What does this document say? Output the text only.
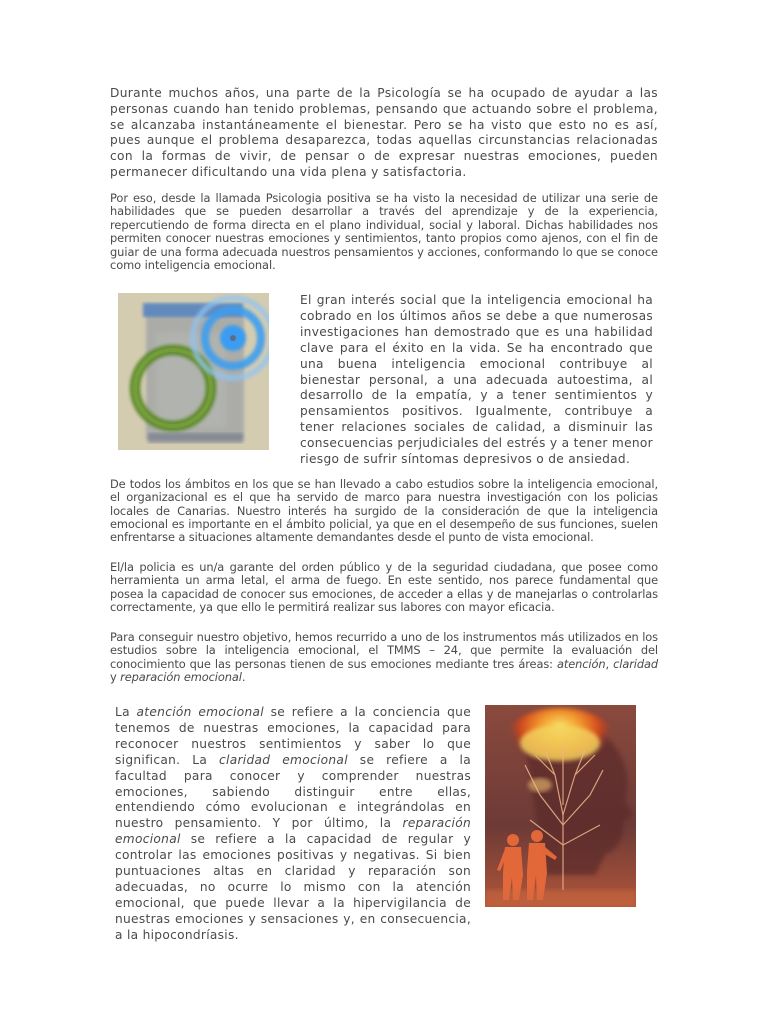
Durante muchos años, una parte de la Psicología se ha ocupado de ayudar a las personas cuando han tenido problemas, pensando que actuando sobre el problema, se alcanzaba instantáneamente el bienestar. Pero se ha visto que esto no es así, pues aunque el problema desaparezca, todas aquellas circunstancias relacionadas con la formas de vivir, de pensar o de expresar nuestras emociones, pueden permanecer dificultando una vida plena y satisfactoria.

Por eso, desde la llamada Psicologia positiva se ha visto la necesidad de utilizar una serie de habilidades que se pueden desarrollar a través del aprendizaje y de la experiencia, repercutiendo de forma directa en el plano individual, social y laboral. Dichas habilidades nos permiten conocer nuestras emociones y sentimientos, tanto propios como ajenos, con el fin de guiar de una forma adecuada nuestros pensamientos y acciones, conformando lo que se conoce como inteligencia emocional.

El gran interés social que la inteligencia emocional ha cobrado en los últimos años se debe a que numerosas investigaciones han demostrado que es una habilidad clave para el éxito en la vida. Se ha encontrado que una buena inteligencia emocional contribuye al bienestar personal, a una adecuada autoestima, al desarrollo de la empatía, y a tener sentimientos y pensamientos positivos. Igualmente, contribuye a tener relaciones sociales de calidad, a disminuir las consecuencias perjudiciales del estrés y a tener menor riesgo de sufrir síntomas depresivos o de ansiedad.

De todos los ámbitos en los que se han llevado a cabo estudios sobre la inteligencia emocional, el organizacional es el que ha servido de marco para nuestra investigación con los policias locales de Canarias. Nuestro interés ha surgido de la consideración de que la inteligencia emocional es importante en el ámbito policial, ya que en el desempeño de sus funciones, suelen enfrentarse a situaciones altamente demandantes desde el punto de vista emocional.

El/la policia es un/a garante del orden público y de la seguridad ciudadana, que posee como herramienta un arma letal, el arma de fuego. En este sentido, nos parece fundamental que posea la capacidad de conocer sus emociones, de acceder a ellas y de manejarlas o controlarlas correctamente, ya que ello le permitirá realizar sus labores con mayor eficacia.

Para conseguir nuestro objetivo, hemos recurrido a uno de los instrumentos más utilizados en los estudios sobre la inteligencia emocional, el TMMS – 24, que permite la evaluación del conocimiento que las personas tienen de sus emociones mediante tres áreas: atención, claridad y reparación emocional.

La atención emocional se refiere a la conciencia que tenemos de nuestras emociones, la capacidad para reconocer nuestros sentimientos y saber lo que significan. La claridad emocional se refiere a la facultad para conocer y comprender nuestras emociones, sabiendo distinguir entre ellas, entendiendo cómo evolucionan e integrándolas en nuestro pensamiento. Y por último, la reparación emocional se refiere a la capacidad de regular y controlar las emociones positivas y negativas. Si bien puntuaciones altas en claridad y reparación son adecuadas, no ocurre lo mismo con la atención emocional, que puede llevar a la hipervigilancia de nuestras emociones y sensaciones y, en consecuencia, a la hipocondríasis.
